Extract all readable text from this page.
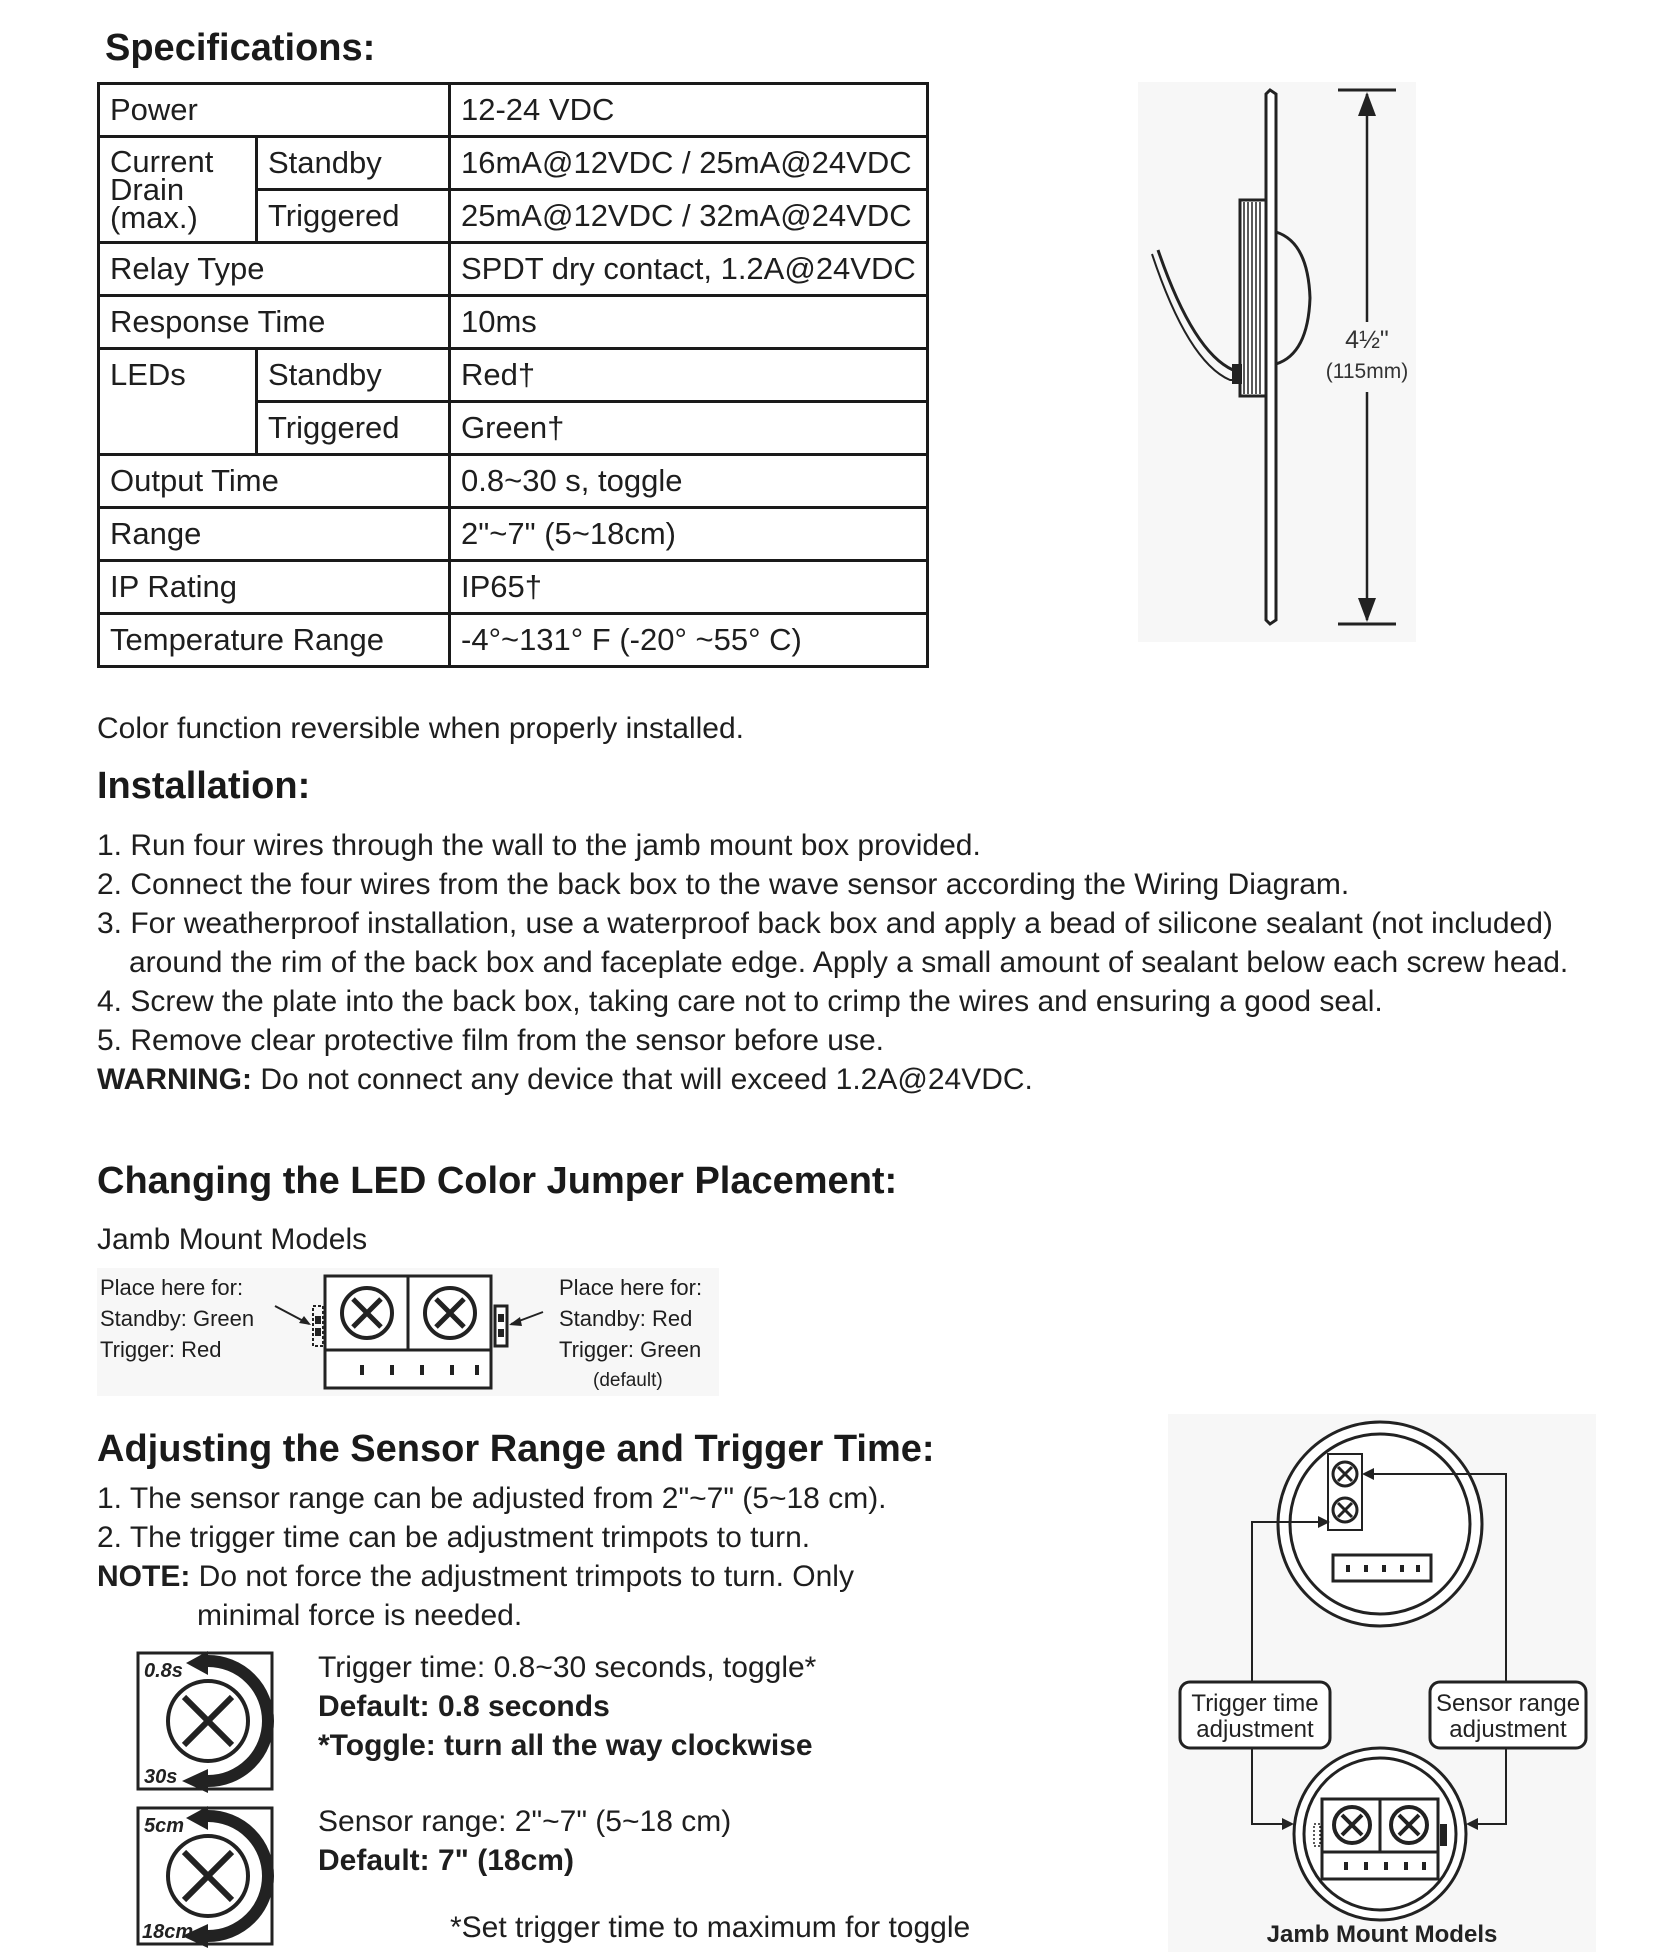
Specifications:
Power		12-24 VDC
Current Drain (max.)	Standby	16mA@12VDC / 25mA@24VDC
	Triggered	25mA@12VDC / 32mA@24VDC
Relay Type		SPDT dry contact, 1.2A@24VDC
Response Time		10ms
LEDs	Standby	Red†
	Triggered	Green†
Output Time		0.8~30 s, toggle
Range		2"~7" (5~18cm)
IP Rating		IP65†
Temperature Range		-4°~131° F (-20° ~55° C)
Color function reversible when properly installed.
4½"
(115mm)
Installation:
1. Run four wires through the wall to the jamb mount box provided.
2. Connect the four wires from the back box to the wave sensor according the Wiring Diagram.
3. For weatherproof installation, use a waterproof back box and apply a bead of silicone sealant (not included) around the rim of the back box and faceplate edge. Apply a small amount of sealant below each screw head.
4. Screw the plate into the back box, taking care not to crimp the wires and ensuring a good seal.
5. Remove clear protective film from the sensor before use.
WARNING: Do not connect any device that will exceed 1.2A@24VDC.
Changing the LED Color Jumper Placement:
Jamb Mount Models
Place here for:
Standby: Green
Trigger: Red
Place here for:
Standby: Red
Trigger: Green
(default)
Adjusting the Sensor Range and Trigger Time:
1. The sensor range can be adjusted from 2"~7" (5~18 cm).
2. The trigger time can be adjustment trimpots to turn.
NOTE: Do not force the adjustment trimpots to turn. Only
minimal force is needed.
0.8s
30s
Trigger time: 0.8~30 seconds, toggle*
Default: 0.8 seconds
*Toggle: turn all the way clockwise
5cm
18cm
Sensor range: 2"~7" (5~18 cm)
Default: 7" (18cm)
*Set trigger time to maximum for toggle
Trigger time
adjustment
Sensor range
adjustment
Jamb Mount Models
